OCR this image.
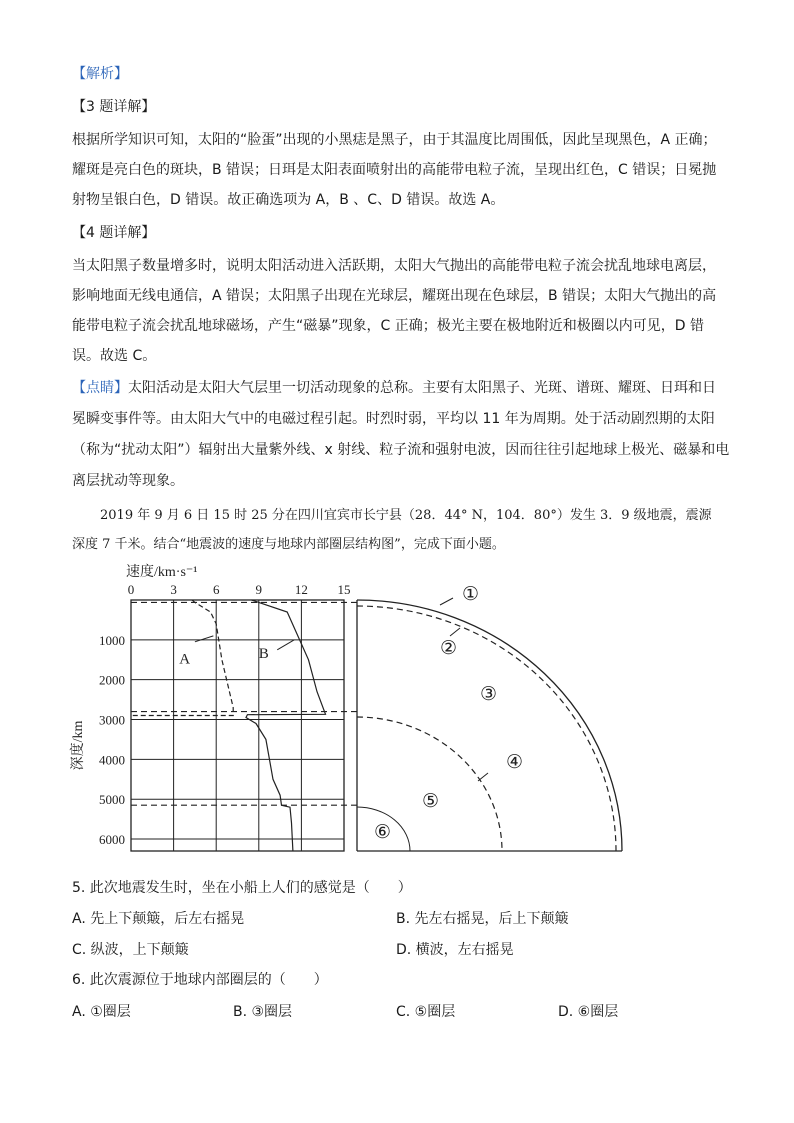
【解析】
【3 题详解】
根据所学知识可知，太阳的“脸蛋”出现的小黑痣是黑子，由于其温度比周围低，因此呈现黑色，A 正确；
耀斑是亮白色的斑块，B 错误；日珥是太阳表面喷射出的高能带电粒子流，呈现出红色，C 错误；日冕抛
射物呈银白色，D 错误。故正确选项为 A，B 、C、D 错误。故选 A。
【4 题详解】
当太阳黑子数量增多时，说明太阳活动进入活跃期，太阳大气抛出的高能带电粒子流会扰乱地球电离层，
影响地面无线电通信，A 错误；太阳黑子出现在光球层，耀斑出现在色球层，B 错误；太阳大气抛出的高
能带电粒子流会扰乱地球磁场，产生“磁暴”现象，C 正确；极光主要在极地附近和极圈以内可见，D 错
误。故选 C。
【点睛】太阳活动是太阳大气层里一切活动现象的总称。主要有太阳黑子、光斑、谱斑、耀斑、日珥和日
冕瞬变事件等。由太阳大气中的电磁过程引起。时烈时弱，平均以 11 年为周期。处于活动剧烈期的太阳
（称为“扰动太阳”）辐射出大量紫外线、x 射线、粒子流和强射电波，因而往往引起地球上极光、磁暴和电
离层扰动等现象。
2019 年 9 月 6 日 15 时 25 分在四川宜宾市长宁县（28．44° N，104．80°）发生 3．9 级地震，震源
深度 7 千米。结合“地震波的速度与地球内部圈层结构图”，完成下面小题。
0	3	6	9	12 15
1000
2000
3000
4000
5000
6000
速度/km·s⁻¹
深度/km
A	B
①
②
③
④
⑤
⑥
5. 此次地震发生时，坐在小船上人们的感觉是（　　）
A. 先上下颠簸，后左右摇晃	B. 先左右摇晃，后上下颠簸
C. 纵波，上下颠簸	D. 横波，左右摇晃
6. 此次震源位于地球内部圈层的（　　）
A. ①圈层	B. ③圈层	C. ⑤圈层	D. ⑥圈层
